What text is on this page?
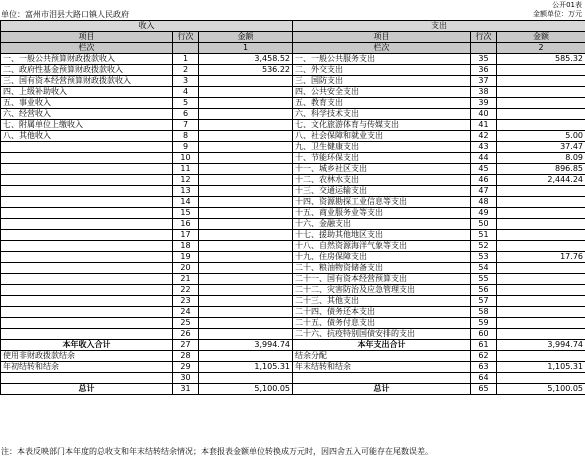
公开01表
单位：富州市泪县大路口镇人民政府	金额单位：万元
收入			支出		
项目	行次	金额	项目	行次	金额
栏次		1	栏次		2
一、一般公共预算财政拨款收入	1	3,458.52	一、一般公共服务支出	35	585.32
二、政府性基金预算财政拨款收入	2	536.22	二、外交支出	36	
三、国有资本经营预算财政拨款收入	3		三、国防支出	37	
四、上级补助收入	4		四、公共安全支出	38	
五、事业收入	5		五、教育支出	39	
六、经营收入	6		六、科学技术支出	40	
七、附属单位上缴收入	7		七、文化旅游体育与传媒支出	41	
八、其他收入	8		八、社会保障和就业支出	42	5.00
	9		九、卫生健康支出	43	37.47
	10		十、节能环保支出	44	8.09
	11		十一、城乡社区支出	45	896.85
	12		十二、农林水支出	46	2,444.24
	13		十三、交通运输支出	47	
	14		十四、资源勘探工业信息等支出	48	
	15		十五、商业服务业等支出	49	
	16		十六、金融支出	50	
	17		十七、援助其他地区支出	51	
	18		十八、自然资源海洋气象等支出	52	
	19		十九、住房保障支出	53	17.76
	20		二十、粮油物资储备支出	54	
	21		二十一、国有资本经营预算支出	55	
	22		二十二、灾害防治及应急管理支出	56	
	23		二十三、其他支出	57	
	24		二十四、债务还本支出	58	
	25		二十五、债务付息支出	59	
	26		二十六、抗疫特别国债安排的支出	60	
本年收入合计	27	3,994.74	本年支出合计	61	3,994.74
使用非财政拨款结余	28		结余分配	62	
年初结转和结余	29	1,105.31	年末结转和结余	63	1,105.31
	30			64	
总计	31	5,100.05	总计	65	5,100.05
注：本表反映部门本年度的总收支和年末结转结余情况；本套报表金额单位转换成万元时，因四舍五入可能存在尾数误差。
